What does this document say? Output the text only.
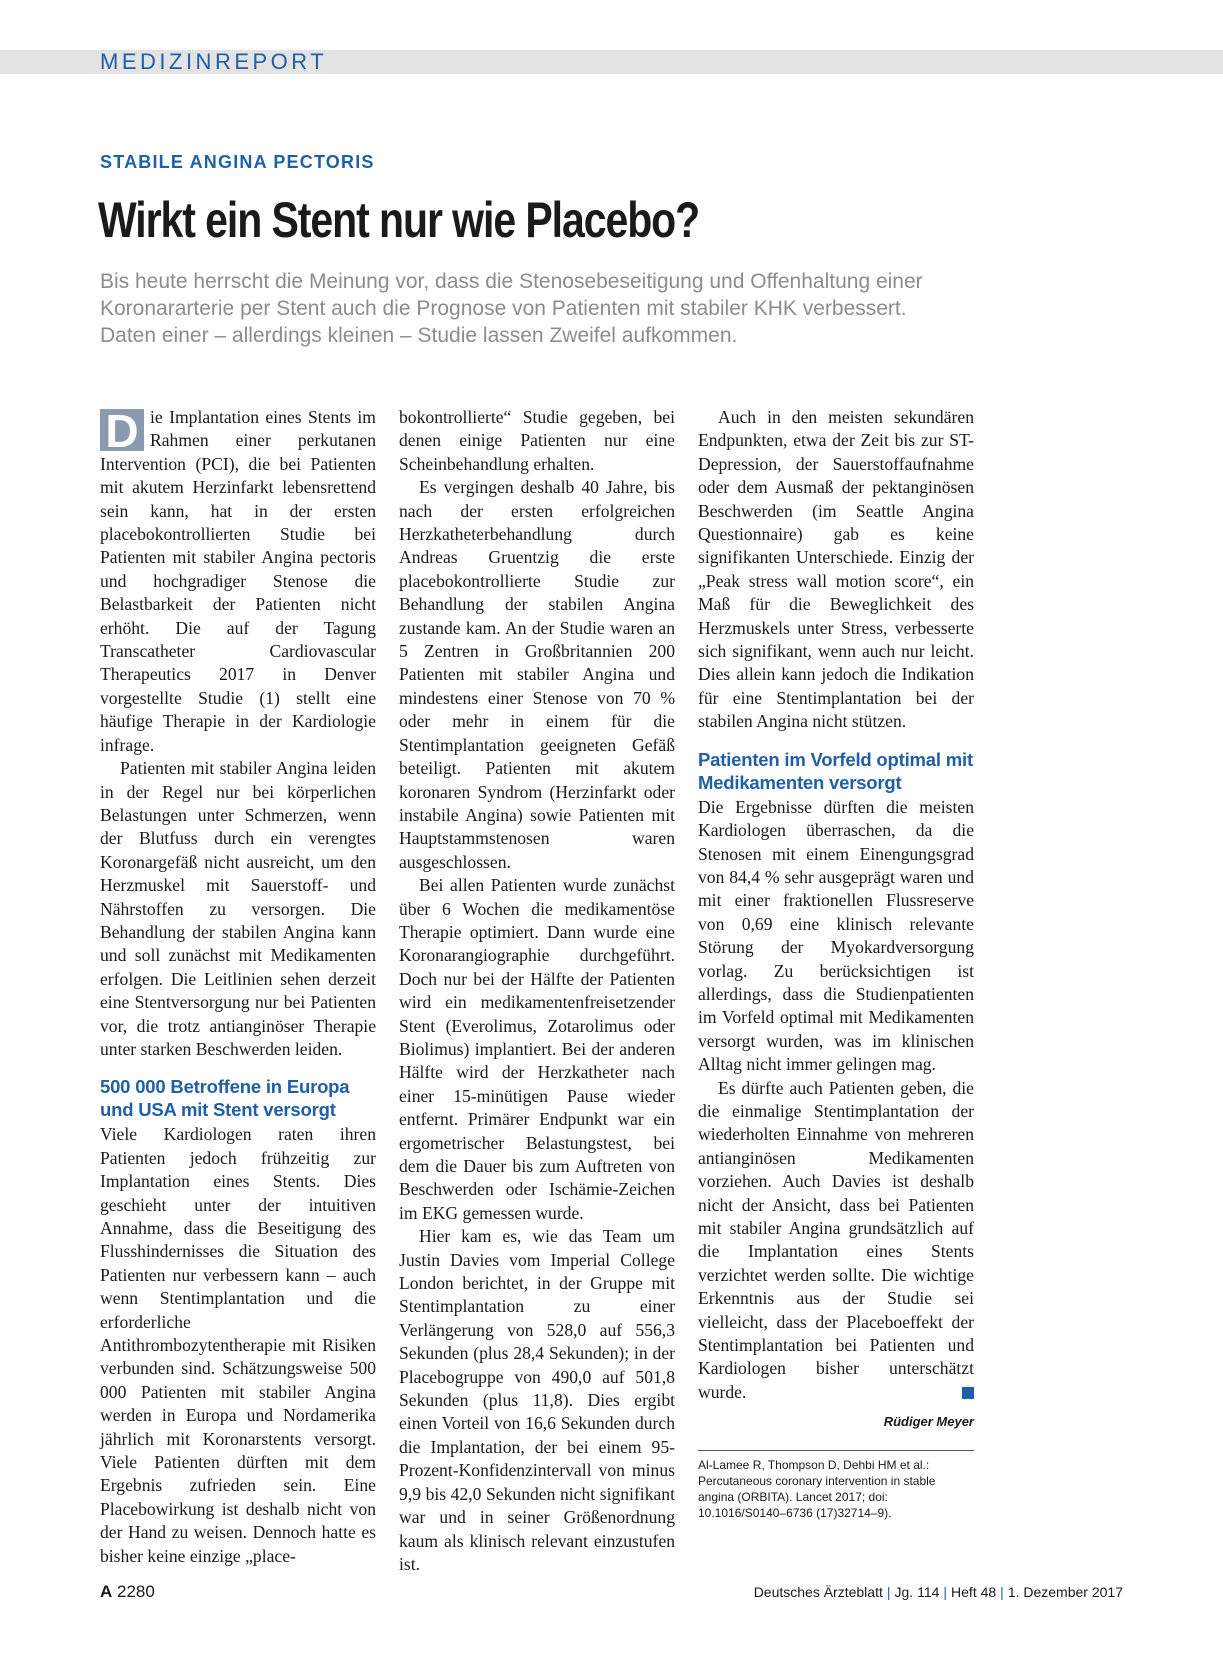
MEDIZINREPORT
STABILE ANGINA PECTORIS
Wirkt ein Stent nur wie Placebo?
Bis heute herrscht die Meinung vor, dass die Stenosebeseitigung und Offenhaltung einer Koronararterie per Stent auch die Prognose von Patienten mit stabiler KHK verbessert. Daten einer – allerdings kleinen – Studie lassen Zweifel aufkommen.

D ie Implantation eines Stents im Rahmen einer perkutanen Intervention (PCI), die bei Patienten mit akutem Herzinfarkt lebensrettend sein kann, hat in der ersten placebokontrollierten Studie bei Patienten mit stabiler Angina pectoris und hochgradiger Stenose die Belastbarkeit der Patienten nicht erhöht. Die auf der Tagung Transcatheter Cardiovascular Therapeutics 2017 in Denver vorgestellte Studie (1) stellt eine häufige Therapie in der Kardiologie infrage.

Patienten mit stabiler Angina leiden in der Regel nur bei körperlichen Belastungen unter Schmerzen, wenn der Blutfuss durch ein verengtes Koronargefäß nicht ausreicht, um den Herzmuskel mit Sauerstoff- und Nährstoffen zu versorgen. Die Behandlung der stabilen Angina kann und soll zunächst mit Medikamenten erfolgen. Die Leitlinien sehen derzeit eine Stentversorgung nur bei Patienten vor, die trotz antianginöser Therapie unter starken Beschwerden leiden.

500 000 Betroffene in Europa und USA mit Stent versorgt

Viele Kardiologen raten ihren Patienten jedoch frühzeitig zur Implantation eines Stents. Dies geschieht unter der intuitiven Annahme, dass die Beseitigung des Flusshindernisses die Situation des Patienten nur verbessern kann – auch wenn Stentimplantation und die erforderliche Antithrombozytentherapie mit Risiken verbunden sind. Schätzungsweise 500 000 Patienten mit stabiler Angina werden in Europa und Nordamerika jährlich mit Koronarstents versorgt. Viele Patienten dürften mit dem Ergebnis zufrieden sein. Eine Placebowirkung ist deshalb nicht von der Hand zu weisen. Dennoch hatte es bisher keine einzige „place-

bokontrollierte“ Studie gegeben, bei denen einige Patienten nur eine Scheinbehandlung erhalten.

Es vergingen deshalb 40 Jahre, bis nach der ersten erfolgreichen Herzkatheterbehandlung durch Andreas Gruentzig die erste placebokontrollierte Studie zur Behandlung der stabilen Angina zustande kam. An der Studie waren an 5 Zentren in Großbritannien 200 Patienten mit stabiler Angina und mindestens einer Stenose von 70 % oder mehr in einem für die Stentimplantation geeigneten Gefäß beteiligt. Patienten mit akutem koronaren Syndrom (Herzinfarkt oder instabile Angina) sowie Patienten mit Hauptstammstenosen waren ausgeschlossen.

Bei allen Patienten wurde zunächst über 6 Wochen die medikamentöse Therapie optimiert. Dann wurde eine Koronarangiographie durchgeführt. Doch nur bei der Hälfte der Patienten wird ein medikamentenfreisetzender Stent (Everolimus, Zotarolimus oder Biolimus) implantiert. Bei der anderen Hälfte wird der Herzkatheter nach einer 15-minütigen Pause wieder entfernt. Primärer Endpunkt war ein ergometrischer Belastungstest, bei dem die Dauer bis zum Auftreten von Beschwerden oder Ischämie-Zeichen im EKG gemessen wurde.

Hier kam es, wie das Team um Justin Davies vom Imperial College London berichtet, in der Gruppe mit Stentimplantation zu einer Verlängerung von 528,0 auf 556,3 Sekunden (plus 28,4 Sekunden); in der Placebogruppe von 490,0 auf 501,8 Sekunden (plus 11,8). Dies ergibt einen Vorteil von 16,6 Sekunden durch die Implantation, der bei einem 95-Prozent-Konfidenzintervall von minus 9,9 bis 42,0 Sekunden nicht signifikant war und in seiner Größenordnung kaum als klinisch relevant einzustufen ist.

Auch in den meisten sekundären Endpunkten, etwa der Zeit bis zur ST-Depression, der Sauerstoffaufnahme oder dem Ausmaß der pektanginösen Beschwerden (im Seattle Angina Questionnaire) gab es keine signifikanten Unterschiede. Einzig der „Peak stress wall motion score“, ein Maß für die Beweglichkeit des Herzmuskels unter Stress, verbesserte sich signifikant, wenn auch nur leicht. Dies allein kann jedoch die Indikation für eine Stentimplantation bei der stabilen Angina nicht stützen.

Patienten im Vorfeld optimal mit Medikamenten versorgt

Die Ergebnisse dürften die meisten Kardiologen überraschen, da die Stenosen mit einem Einengungsgrad von 84,4 % sehr ausgeprägt waren und mit einer fraktionellen Flussreserve von 0,69 eine klinisch relevante Störung der Myokardversorgung vorlag. Zu berücksichtigen ist allerdings, dass die Studienpatienten im Vorfeld optimal mit Medikamenten versorgt wurden, was im klinischen Alltag nicht immer gelingen mag.

Es dürfte auch Patienten geben, die die einmalige Stentimplantation der wiederholten Einnahme von mehreren antianginösen Medikamenten vorziehen. Auch Davies ist deshalb nicht der Ansicht, dass bei Patienten mit stabiler Angina grundsätzlich auf die Implantation eines Stents verzichtet werden sollte. Die wichtige Erkenntnis aus der Studie sei vielleicht, dass der Placeboeffekt der Stentimplantation bei Patienten und Kardiologen bisher unterschätzt wurde.

Rüdiger Meyer
Al-Lamee R, Thompson D, Dehbi HM et al.: Percutaneous coronary intervention in stable angina (ORBITA). Lancet 2017; doi: 10.1016/S0140–6736 (17)32714–9).
A 2280	Deutsches Ärzteblatt | Jg. 114 | Heft 48 | 1. Dezember 2017
